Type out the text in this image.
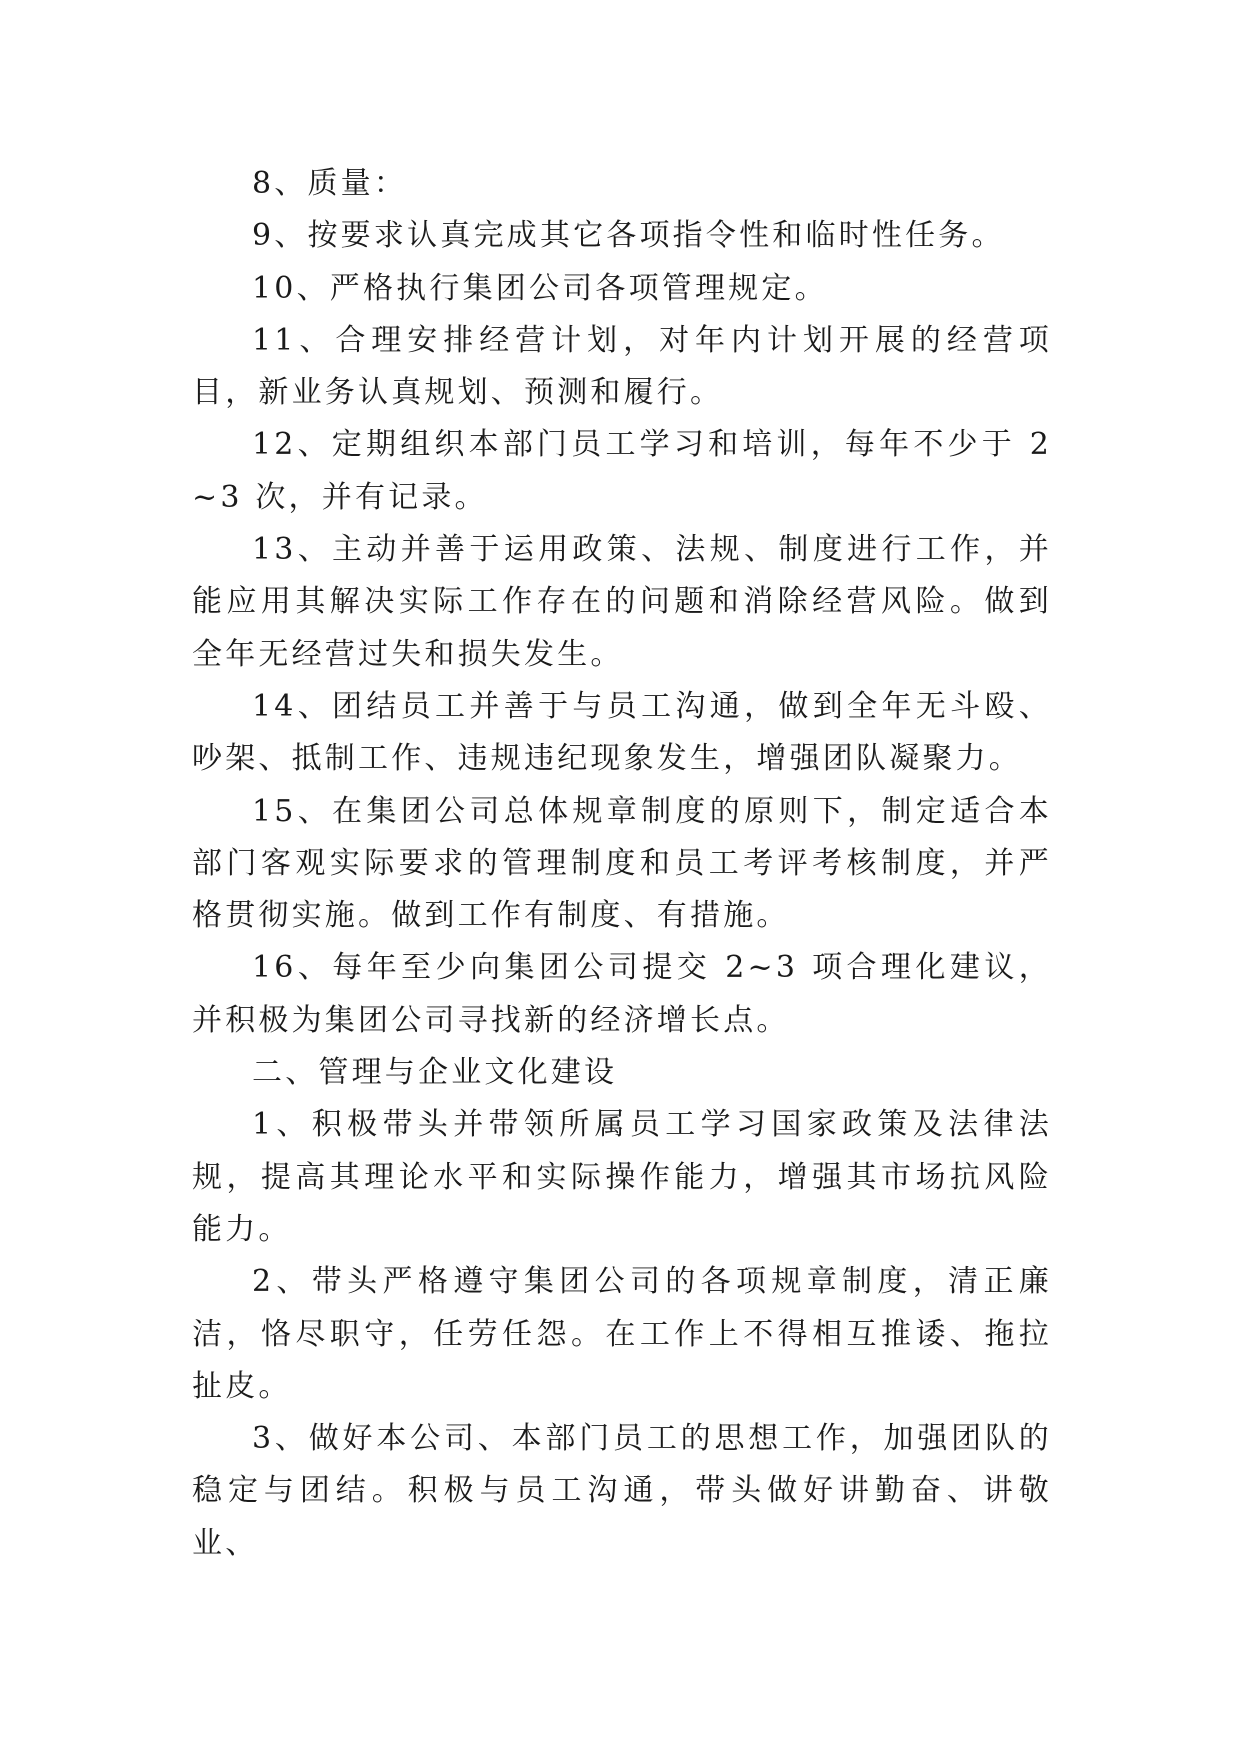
8、质量：

9、按要求认真完成其它各项指令性和临时性任务。

10、严格执行集团公司各项管理规定。

11、合理安排经营计划，对年内计划开展的经营项目，新业务认真规划、预测和履行。

12、定期组织本部门员工学习和培训，每年不少于 2~3 次，并有记录。

13、主动并善于运用政策、法规、制度进行工作，并能应用其解决实际工作存在的问题和消除经营风险。做到全年无经营过失和损失发生。

14、团结员工并善于与员工沟通，做到全年无斗殴、吵架、抵制工作、违规违纪现象发生，增强团队凝聚力。

15、在集团公司总体规章制度的原则下，制定适合本部门客观实际要求的管理制度和员工考评考核制度，并严格贯彻实施。做到工作有制度、有措施。

16、每年至少向集团公司提交 2~3 项合理化建议，并积极为集团公司寻找新的经济增长点。

二、管理与企业文化建设

1、积极带头并带领所属员工学习国家政策及法律法规，提高其理论水平和实际操作能力，增强其市场抗风险能力。

2、带头严格遵守集团公司的各项规章制度，清正廉洁，恪尽职守，任劳任怨。在工作上不得相互推诿、拖拉扯皮。

3、做好本公司、本部门员工的思想工作，加强团队的稳定与团结。积极与员工沟通，带头做好讲勤奋、讲敬业、
